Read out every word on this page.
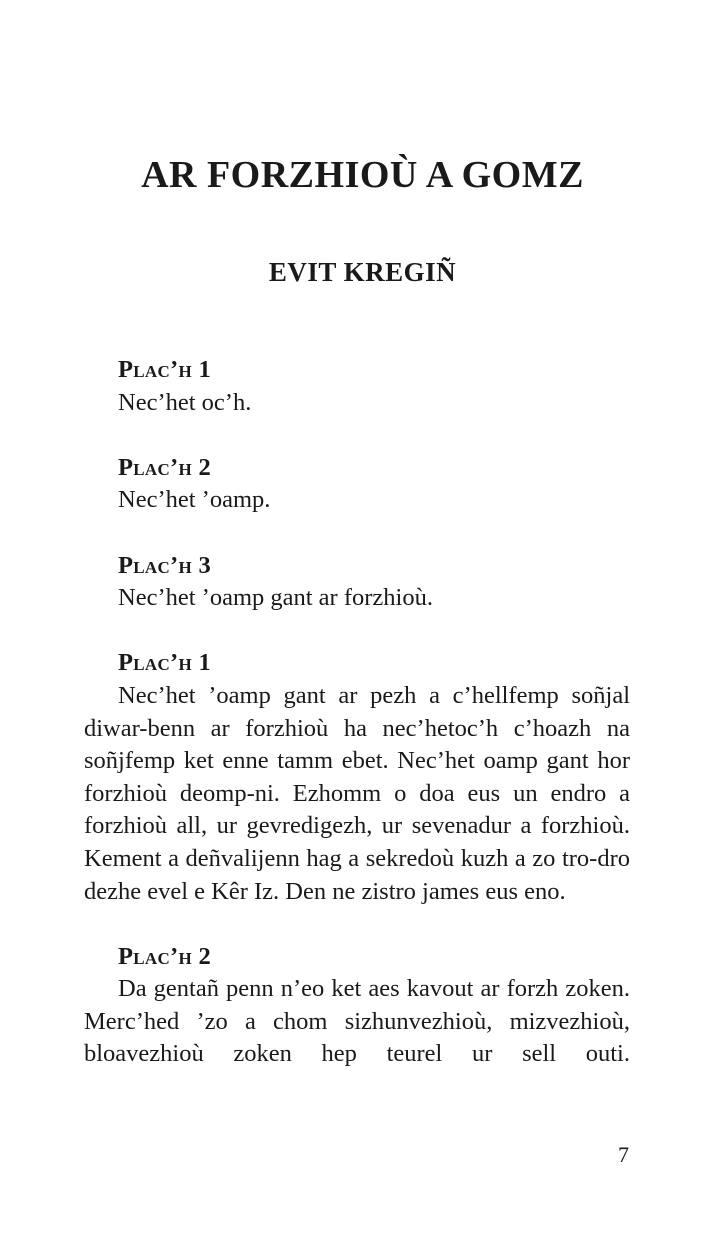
AR FORZHIOÙ A GOMZ
EVIT KREGIÑ

Plac’h 1

Nec’het oc’h.

Plac’h 2

Nec’het ’oamp.

Plac’h 3

Nec’het ’oamp gant ar forzhioù.

Plac’h 1

Nec’het ’oamp gant ar pezh a c’hellfemp soñjal diwar-benn ar forzhioù ha nec’hetoc’h c’hoazh na soñjfemp ket enne tamm ebet. Nec’het oamp gant hor forzhioù deomp-ni. Ezhomm o doa eus un endro a forzhioù all, ur gevredigezh, ur sevenadur a forzhioù. Kement a deñvalijenn hag a sekredoù kuzh a zo tro-dro dezhe evel e Kêr Iz. Den ne zistro james eus eno.

Plac’h 2

Da gentañ penn n’eo ket aes kavout ar forzh zoken. Merc’hed ’zo a chom sizhunvezhioù, mizvezhioù, bloavezhioù zoken hep teurel ur sell outi.

7
